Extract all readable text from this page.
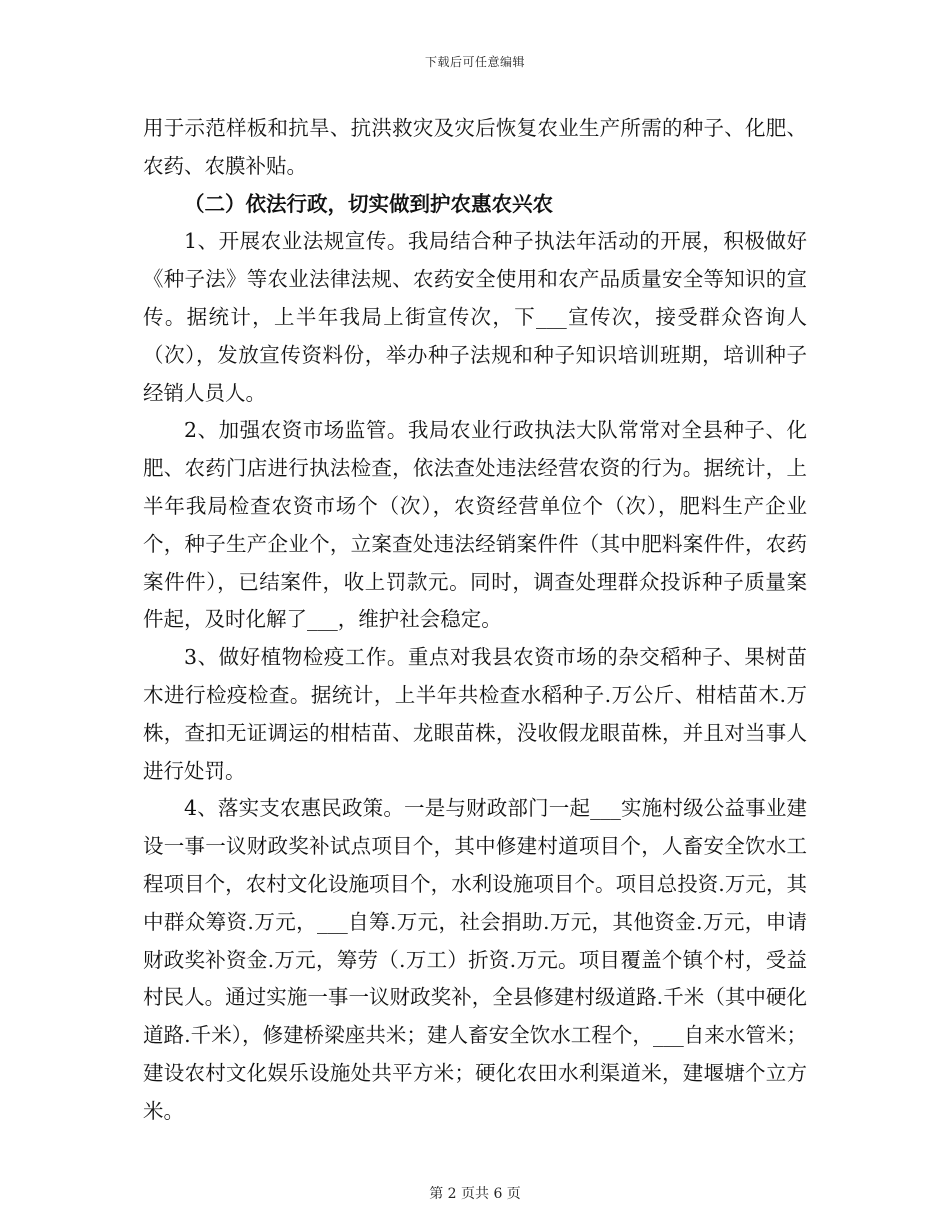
下载后可任意编辑

用于示范样板和抗旱、抗洪救灾及灾后恢复农业生产所需的种子、化肥、农药、农膜补贴。

（二）依法行政，切实做到护农惠农兴农

1、开展农业法规宣传。我局结合种子执法年活动的开展，积极做好《种子法》等农业法律法规、农药安全使用和农产品质量安全等知识的宣传。据统计，上半年我局上街宣传次，下___宣传次，接受群众咨询人（次），发放宣传资料份，举办种子法规和种子知识培训班期，培训种子经销人员人。

2、加强农资市场监管。我局农业行政执法大队常常对全县种子、化肥、农药门店进行执法检查，依法查处违法经营农资的行为。据统计，上半年我局检查农资市场个（次），农资经营单位个（次），肥料生产企业个，种子生产企业个，立案查处违法经销案件件（其中肥料案件件，农药案件件），已结案件，收上罚款元。同时，调查处理群众投诉种子质量案件起，及时化解了___，维护社会稳定。

3、做好植物检疫工作。重点对我县农资市场的杂交稻种子、果树苗木进行检疫检查。据统计，上半年共检查水稻种子.万公斤、柑桔苗木.万株，查扣无证调运的柑桔苗、龙眼苗株，没收假龙眼苗株，并且对当事人进行处罚。

4、落实支农惠民政策。一是与财政部门一起___实施村级公益事业建设一事一议财政奖补试点项目个，其中修建村道项目个，人畜安全饮水工程项目个，农村文化设施项目个，水利设施项目个。项目总投资.万元，其中群众筹资.万元，___自筹.万元，社会捐助.万元，其他资金.万元，申请财政奖补资金.万元，筹劳（.万工）折资.万元。项目覆盖个镇个村，受益村民人。通过实施一事一议财政奖补，全县修建村级道路.千米（其中硬化道路.千米），修建桥梁座共米；建人畜安全饮水工程个，___自来水管米；建设农村文化娱乐设施处共平方米；硬化农田水利渠道米，建堰塘个立方米。

第 2 页共 6 页
